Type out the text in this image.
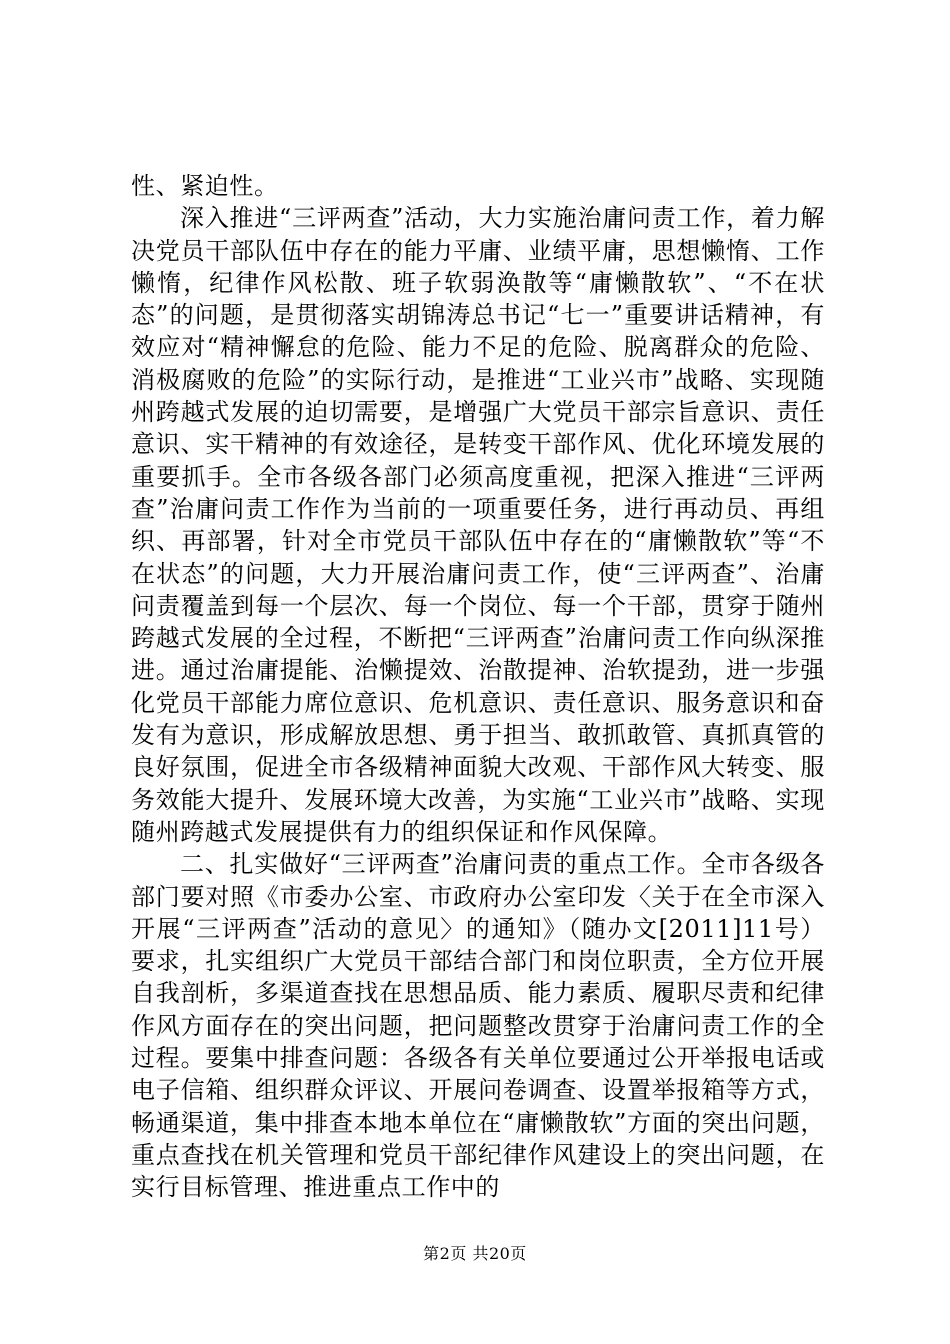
性、紧迫性。

深入推进“三评两查”活动，大力实施治庸问责工作，着力解决党员干部队伍中存在的能力平庸、业绩平庸，思想懒惰、工作懒惰，纪律作风松散、班子软弱涣散等“庸懒散软”、“不在状态”的问题，是贯彻落实胡锦涛总书记“七一”重要讲话精神，有效应对“精神懈怠的危险、能力不足的危险、脱离群众的危险、消极腐败的危险”的实际行动，是推进“工业兴市”战略、实现随州跨越式发展的迫切需要，是增强广大党员干部宗旨意识、责任意识、实干精神的有效途径，是转变干部作风、优化环境发展的重要抓手。全市各级各部门必须高度重视，把深入推进“三评两查”治庸问责工作作为当前的一项重要任务，进行再动员、再组织、再部署，针对全市党员干部队伍中存在的“庸懒散软”等“不在状态”的问题，大力开展治庸问责工作，使“三评两查”、治庸问责覆盖到每一个层次、每一个岗位、每一个干部，贯穿于随州跨越式发展的全过程，不断把“三评两查”治庸问责工作向纵深推进。通过治庸提能、治懒提效、治散提神、治软提劲，进一步强化党员干部能力席位意识、危机意识、责任意识、服务意识和奋发有为意识，形成解放思想、勇于担当、敢抓敢管、真抓真管的良好氛围，促进全市各级精神面貌大改观、干部作风大转变、服务效能大提升、发展环境大改善，为实施“工业兴市”战略、实现随州跨越式发展提供有力的组织保证和作风保障。

二、扎实做好“三评两查”治庸问责的重点工作。全市各级各部门要对照《市委办公室、市政府办公室印发〈关于在全市深入开展“三评两查”活动的意见〉的通知》（随办文[2011]11号）要求，扎实组织广大党员干部结合部门和岗位职责，全方位开展自我剖析，多渠道查找在思想品质、能力素质、履职尽责和纪律作风方面存在的突出问题，把问题整改贯穿于治庸问责工作的全过程。要集中排查问题：各级各有关单位要通过公开举报电话或电子信箱、组织群众评议、开展问卷调查、设置举报箱等方式，畅通渠道，集中排查本地本单位在“庸懒散软”方面的突出问题，重点查找在机关管理和党员干部纪律作风建设上的突出问题，在实行目标管理、推进重点工作中的

第2页 共20页
